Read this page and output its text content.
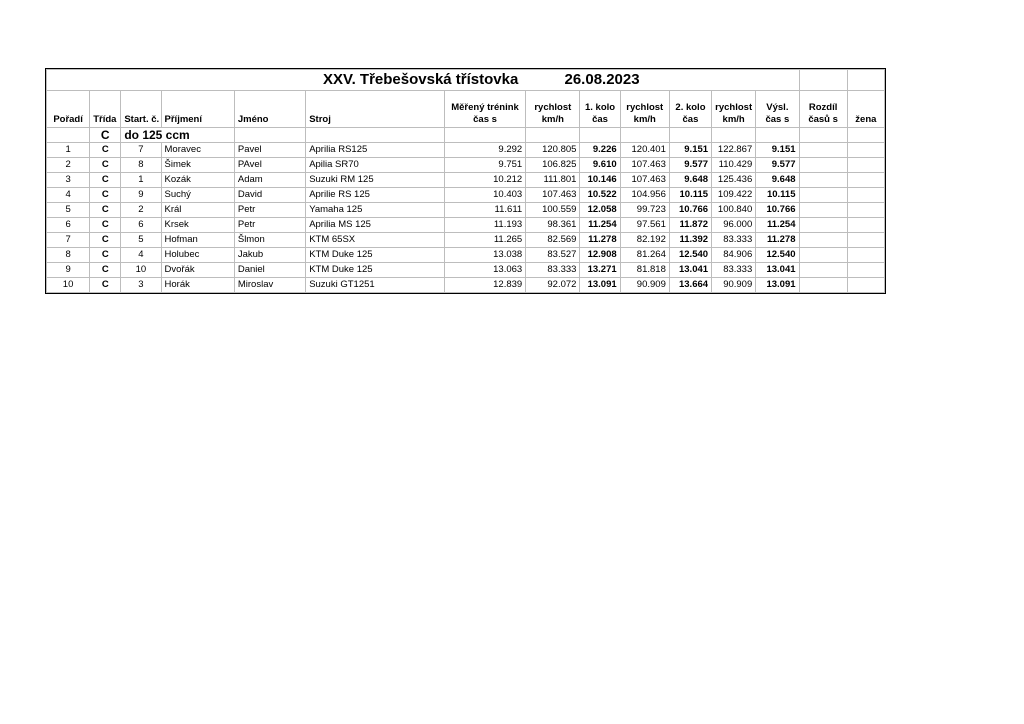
XXV. Třebešovská třístovka 26.08.2023														
Pořadí	Třída	Start. č.	Příjmení	Jméno	Stroj	Měřený trénink čas s	rychlost km/h	1. kolo čas	rychlost km/h	2. kolo čas	rychlost km/h	Výsl. čas s	Rozdíl časů s	žena
	C	do 125 ccm												
1	C	7	Moravec	Pavel	Aprilia RS125	9.292	120.805	9.226	120.401	9.151	122.867	9.151		
2	C	8	Šimek	PAvel	Apilia SR70	9.751	106.825	9.610	107.463	9.577	110.429	9.577		
3	C	1	Kozák	Adam	Suzuki RM 125	10.212	111.801	10.146	107.463	9.648	125.436	9.648		
4	C	9	Suchý	David	Aprilie RS 125	10.403	107.463	10.522	104.956	10.115	109.422	10.115		
5	C	2	Král	Petr	Yamaha 125	11.611	100.559	12.058	99.723	10.766	100.840	10.766		
6	C	6	Krsek	Petr	Aprilia MS 125	11.193	98.361	11.254	97.561	11.872	96.000	11.254		
7	C	5	Hofman	Šlmon	KTM 65SX	11.265	82.569	11.278	82.192	11.392	83.333	11.278		
8	C	4	Holubec	Jakub	KTM Duke 125	13.038	83.527	12.908	81.264	12.540	84.906	12.540		
9	C	10	Dvořák	Daniel	KTM Duke 125	13.063	83.333	13.271	81.818	13.041	83.333	13.041		
10	C	3	Horák	Miroslav	Suzuki GT1251	12.839	92.072	13.091	90.909	13.664	90.909	13.091		
